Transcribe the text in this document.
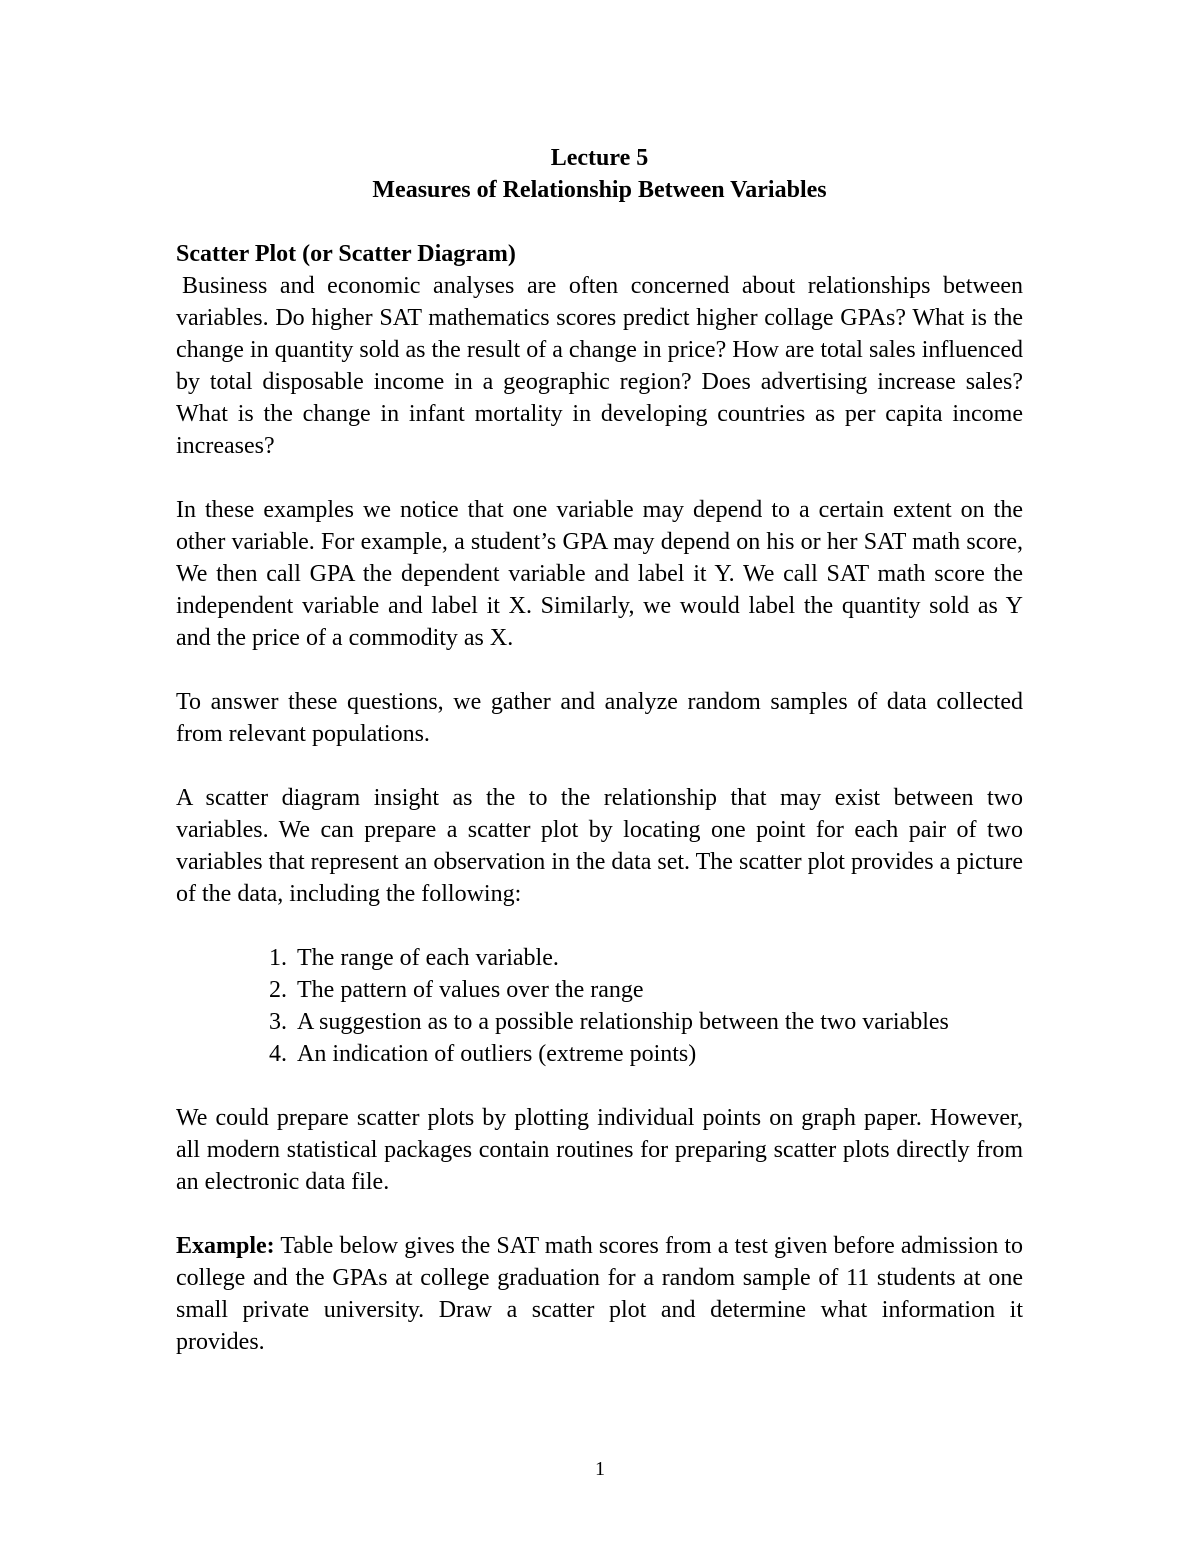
Lecture 5
Measures of Relationship Between Variables
Scatter Plot (or Scatter Diagram)

Business and economic analyses are often concerned about relationships between variables. Do higher SAT mathematics scores predict higher collage GPAs? What is the change in quantity sold as the result of a change in price? How are total sales influenced by total disposable income in a geographic region? Does advertising increase sales? What is the change in infant mortality in developing countries as per capita income increases?

In these examples we notice that one variable may depend to a certain extent on the other variable. For example, a student’s GPA may depend on his or her SAT math score, We then call GPA the dependent variable and label it Y. We call SAT math score the independent variable and label it X. Similarly, we would label the quantity sold as Y and the price of a commodity as X.

To answer these questions, we gather and analyze random samples of data collected from relevant populations.

A scatter diagram insight as the to the relationship that may exist between two variables. We can prepare a scatter plot by locating one point for each pair of two variables that represent an observation in the data set. The scatter plot provides a picture of the data, including the following:

1. The range of each variable.
2. The pattern of values over the range
3. A suggestion as to a possible relationship between the two variables
4. An indication of outliers (extreme points)

We could prepare scatter plots by plotting individual points on graph paper. However, all modern statistical packages contain routines for preparing scatter plots directly from an electronic data file.

Example: Table below gives the SAT math scores from a test given before admission to college and the GPAs at college graduation for a random sample of 11 students at one small private university. Draw a scatter plot and determine what information it provides.

1
